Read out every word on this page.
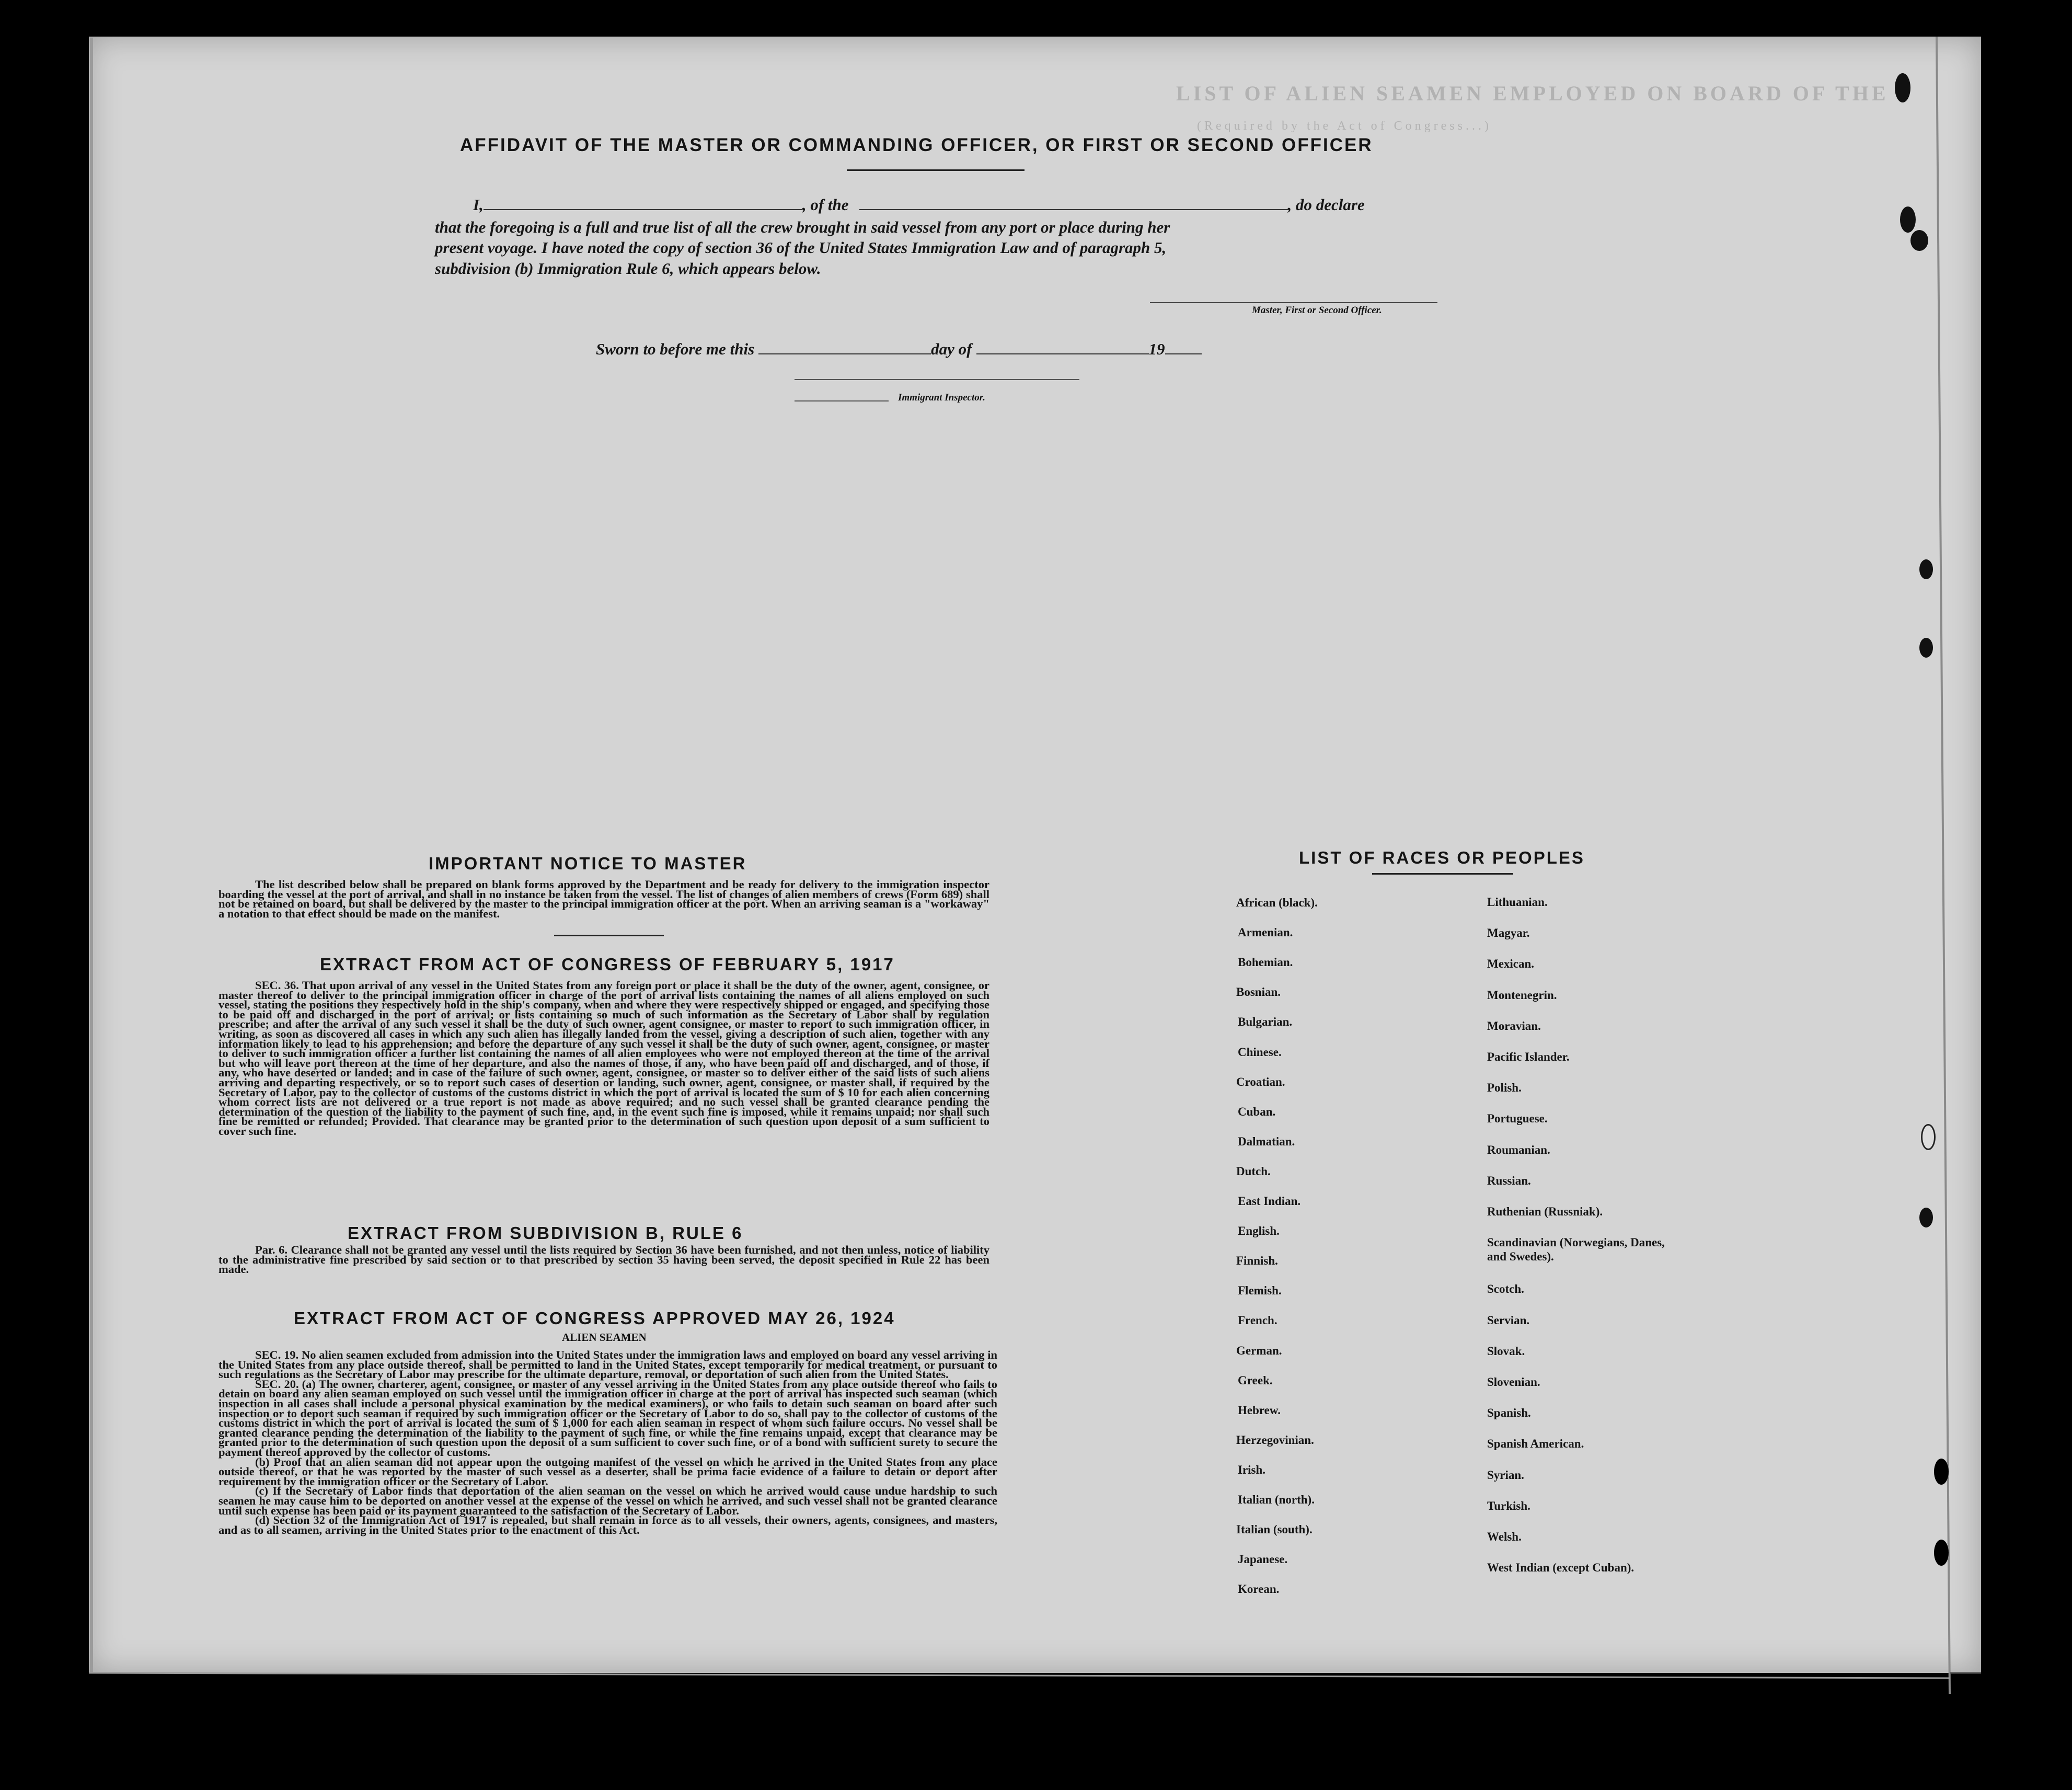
LIST OF ALIEN SEAMEN EMPLOYED ON BOARD OF THE
(Required by the Act of Congress...)
AFFIDAVIT OF THE MASTER OR COMMANDING OFFICER, OR FIRST OR SECOND OFFICER
I,	, of the	, do declare
that the foregoing is a full and true list of all the crew brought in said vessel from any port or place during her
present voyage. I have noted the copy of section 36 of the United States Immigration Law and of paragraph 5,
subdivision (b) Immigration Rule 6, which appears below.
Master, First or Second Officer.
Sworn to before me this	day of	19
Immigrant Inspector.
IMPORTANT NOTICE TO MASTER

The list described below shall be prepared on blank forms approved by the Department and be ready for delivery to the immigration inspector boarding the vessel at the port of arrival, and shall in no instance be taken from the vessel. The list of changes of alien members of crews (Form 689) shall not be retained on board, but shall be delivered by the master to the principal immigration officer at the port. When an arriving seaman is a "workaway" a notation to that effect should be made on the manifest.

EXTRACT FROM ACT OF CONGRESS OF FEBRUARY 5, 1917

SEC. 36. That upon arrival of any vessel in the United States from any foreign port or place it shall be the duty of the owner, agent, consignee, or master thereof to deliver to the principal immigration officer in charge of the port of arrival lists containing the names of all aliens employed on such vessel, stating the positions they respectively hold in the ship's company, when and where they were respectively shipped or engaged, and specifying those to be paid off and discharged in the port of arrival; or lists containing so much of such information as the Secretary of Labor shall by regulation prescribe; and after the arrival of any such vessel it shall be the duty of such owner, agent consignee, or master to report to such immigration officer, in writing, as soon as discovered all cases in which any such alien has illegally landed from the vessel, giving a description of such alien, together with any information likely to lead to his apprehension; and before the departure of any such vessel it shall be the duty of such owner, agent, consignee, or master to deliver to such immigration officer a further list containing the names of all alien employees who were not employed thereon at the time of the arrival but who will leave port thereon at the time of her departure, and also the names of those, if any, who have been paid off and discharged, and of those, if any, who have deserted or landed; and in case of the failure of such owner, agent, consignee, or master so to deliver either of the said lists of such aliens arriving and departing respectively, or so to report such cases of desertion or landing, such owner, agent, consignee, or master shall, if required by the Secretary of Labor, pay to the collector of customs of the customs district in which the port of arrival is located the sum of $ 10 for each alien concerning whom correct lists are not delivered or a true report is not made as above required; and no such vessel shall be granted clearance pending the determination of the question of the liability to the payment of such fine, and, in the event such fine is imposed, while it remains unpaid; nor shall such fine be remitted or refunded; Provided. That clearance may be granted prior to the determination of such question upon deposit of a sum sufficient to cover such fine.

EXTRACT FROM SUBDIVISION B, RULE 6

Par. 6. Clearance shall not be granted any vessel until the lists required by Section 36 have been furnished, and not then unless, notice of liability to the administrative fine prescribed by said section or to that prescribed by section 35 having been served, the deposit specified in Rule 22 has been made.

EXTRACT FROM ACT OF CONGRESS APPROVED MAY 26, 1924
ALIEN SEAMEN

SEC. 19. No alien seamen excluded from admission into the United States under the immigration laws and employed on board any vessel arriving in the United States from any place outside thereof, shall be permitted to land in the United States, except temporarily for medical treatment, or pursuant to such regulations as the Secretary of Labor may prescribe for the ultimate departure, removal, or deportation of such alien from the United States.

SEC. 20. (a) The owner, charterer, agent, consignee, or master of any vessel arriving in the United States from any place outside thereof who fails to detain on board any alien seaman employed on such vessel until the immigration officer in charge at the port of arrival has inspected such seaman (which inspection in all cases shall include a personal physical examination by the medical examiners), or who fails to detain such seaman on board after such inspection or to deport such seaman if required by such immigration officer or the Secretary of Labor to do so, shall pay to the collector of customs of the customs district in which the port of arrival is located the sum of $ 1,000 for each alien seaman in respect of whom such failure occurs. No vessel shall be granted clearance pending the determination of the liability to the payment of such fine, or while the fine remains unpaid, except that clearance may be granted prior to the determination of such question upon the deposit of a sum sufficient to cover such fine, or of a bond with sufficient surety to secure the payment thereof approved by the collector of customs.

(b) Proof that an alien seaman did not appear upon the outgoing manifest of the vessel on which he arrived in the United States from any place outside thereof, or that he was reported by the master of such vessel as a deserter, shall be prima facie evidence of a failure to detain or deport after requirement by the immigration officer or the Secretary of Labor.

(c) If the Secretary of Labor finds that deportation of the alien seaman on the vessel on which he arrived would cause undue hardship to such seamen he may cause him to be deported on another vessel at the expense of the vessel on which he arrived, and such vessel shall not be granted clearance until such expense has been paid or its payment guaranteed to the satisfaction of the Secretary of Labor.

(d) Section 32 of the Immigration Act of 1917 is repealed, but shall remain in force as to all vessels, their owners, agents, consignees, and masters, and as to all seamen, arriving in the United States prior to the enactment of this Act.

LIST OF RACES OR PEOPLES
African (black).
Armenian.
Bohemian.
Bosnian.
Bulgarian.
Chinese.
Croatian.
Cuban.
Dalmatian.
Dutch.
East Indian.
English.
Finnish.
Flemish.
French.
German.
Greek.
Hebrew.
Herzegovinian.
Irish.
Italian (north).
Italian (south).
Japanese.
Korean.
Lithuanian.
Magyar.
Mexican.
Montenegrin.
Moravian.
Pacific Islander.
Polish.
Portuguese.
Roumanian.
Russian.
Ruthenian (Russniak).
Scandinavian (Norwegians, Danes, and Swedes).
Scotch.
Servian.
Slovak.
Slovenian.
Spanish.
Spanish American.
Syrian.
Turkish.
Welsh.
West Indian (except Cuban).
